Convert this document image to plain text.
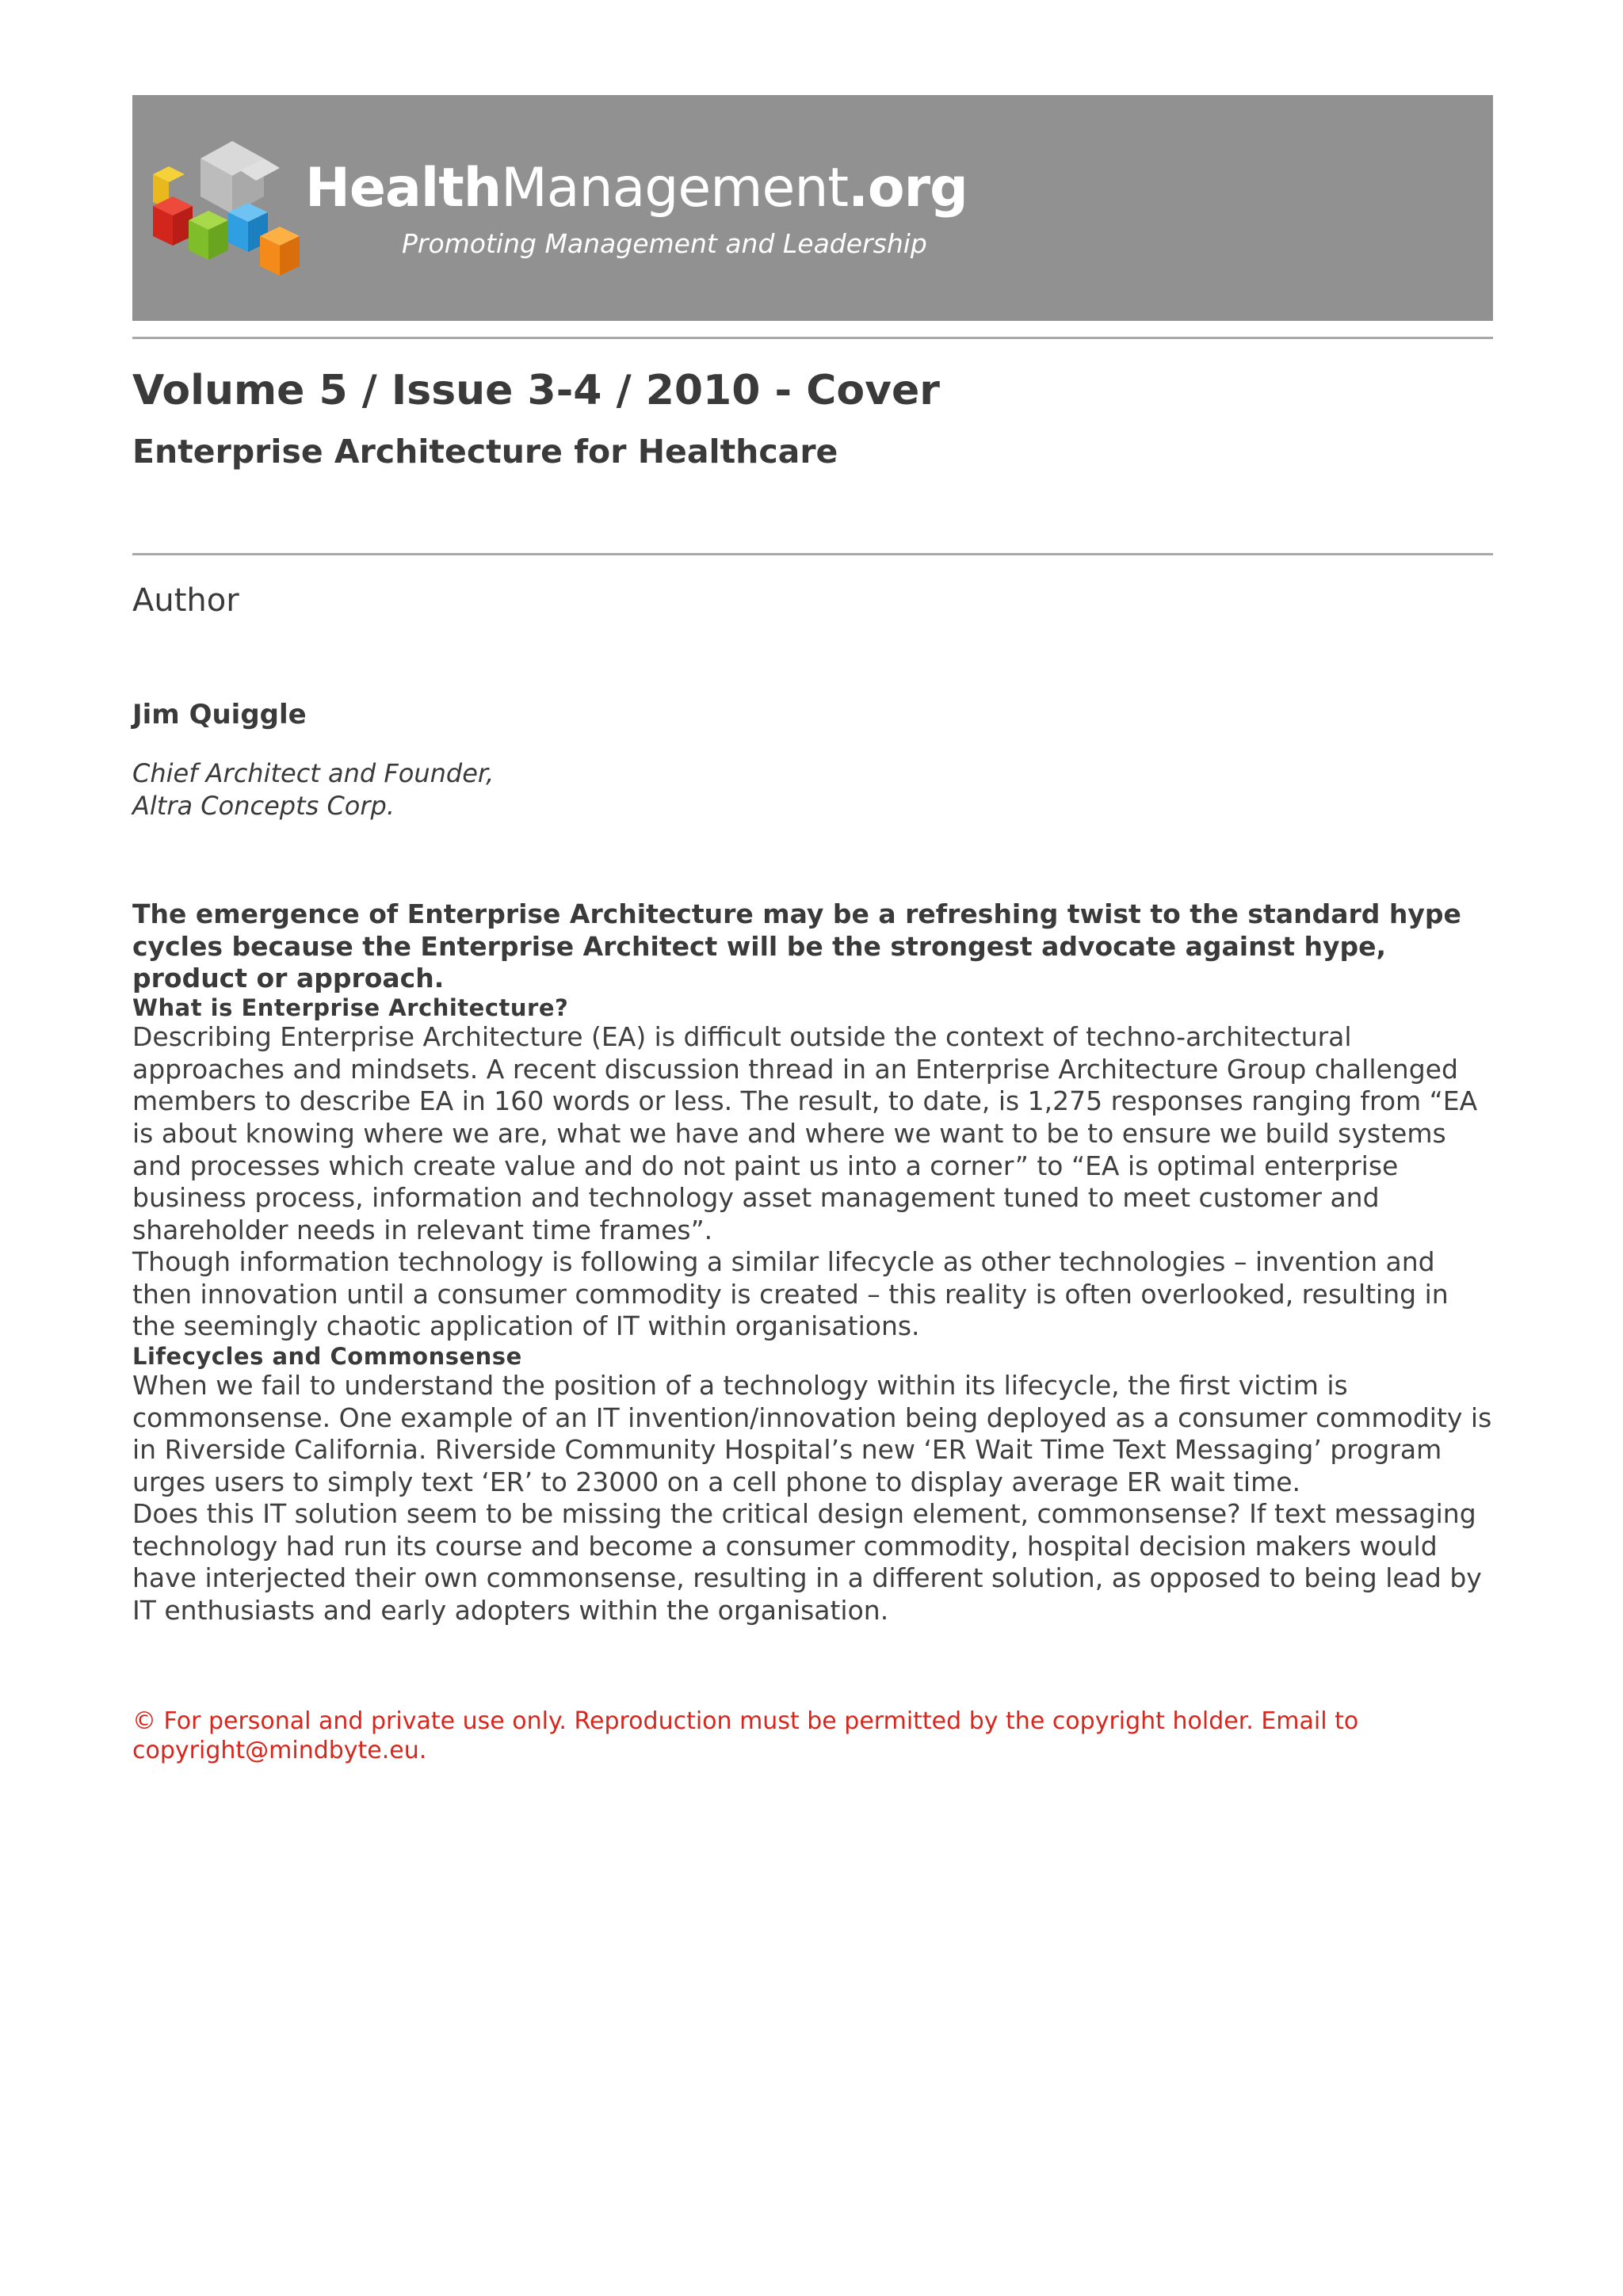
HealthManagement.org
Promoting Management and Leadership
Volume 5 / Issue 3-4 / 2010 - Cover
Enterprise Architecture for Healthcare
Author
Jim Quiggle
Chief Architect and Founder,
Altra Concepts Corp.
The emergence of Enterprise Architecture may be a refreshing twist to the standard hype cycles because the Enterprise Architect will be the strongest advocate against hype, product or approach.
What is Enterprise Architecture?

Describing Enterprise Architecture (EA) is difficult outside the context of techno-architectural approaches and mindsets. A recent discussion thread in an Enterprise Architecture Group challenged members to describe EA in 160 words or less. The result, to date, is 1,275 responses ranging from “EA is about knowing where we are, what we have and where we want to be to ensure we build systems and processes which create value and do not paint us into a corner” to “EA is optimal enterprise business process, information and technology asset management tuned to meet customer and shareholder needs in relevant time frames”.

Though information technology is following a similar lifecycle as other technologies – invention and then innovation until a consumer commodity is created – this reality is often overlooked, resulting in the seemingly chaotic application of IT within organisations.

Lifecycles and Commonsense

When we fail to understand the position of a technology within its lifecycle, the first victim is commonsense. One example of an IT invention/innovation being deployed as a consumer commodity is in Riverside California. Riverside Community Hospital’s new ‘ER Wait Time Text Messaging’ program urges users to simply text ‘ER’ to 23000 on a cell phone to display average ER wait time.

Does this IT solution seem to be missing the critical design element, commonsense? If text messaging technology had run its course and become a consumer commodity, hospital decision makers would have interjected their own commonsense, resulting in a different solution, as opposed to being lead by IT enthusiasts and early adopters within the organisation.

© For personal and private use only. Reproduction must be permitted by the copyright holder. Email to copyright@mindbyte.eu.
